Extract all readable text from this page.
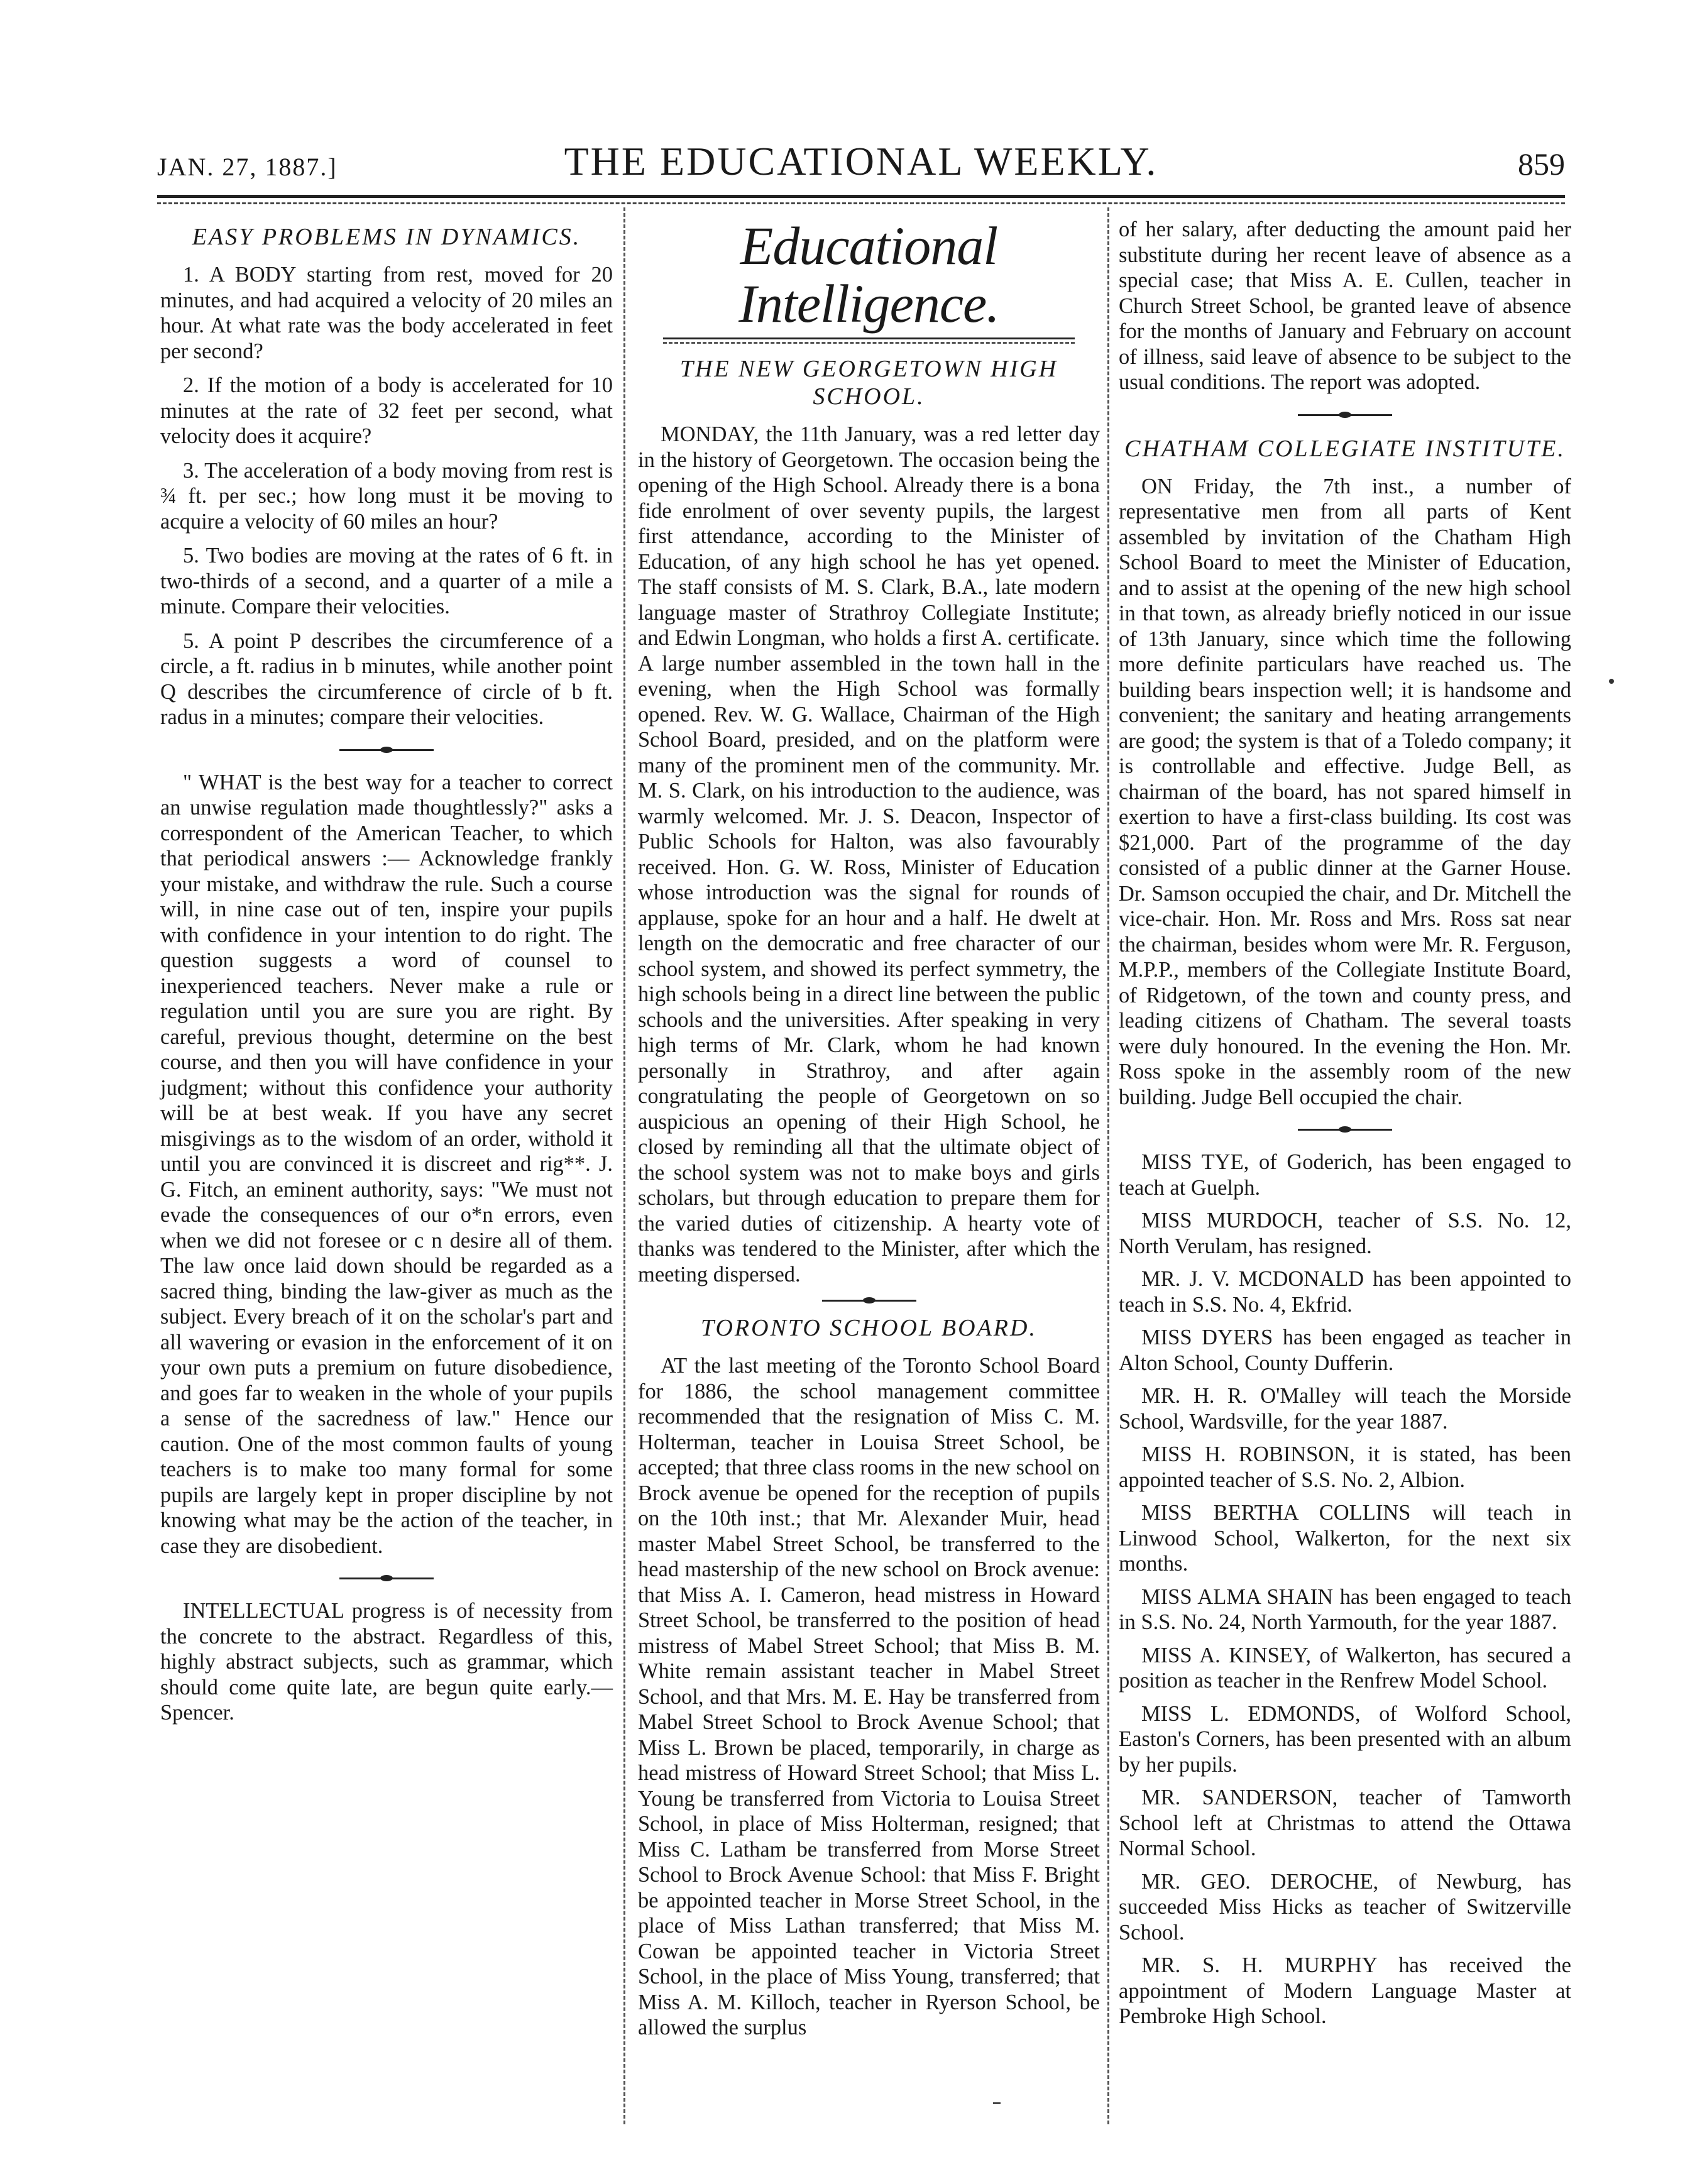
JAN. 27, 1887.]	THE EDUCATIONAL WEEKLY.	859
EASY PROBLEMS IN DYNAMICS.

1. A BODY starting from rest, moved for 20 minutes, and had acquired a velocity of 20 miles an hour. At what rate was the body accelerated in feet per second?

2. If the motion of a body is accelerated for 10 minutes at the rate of 32 feet per second, what velocity does it acquire?

3. The acceleration of a body moving from rest is ¾ ft. per sec.; how long must it be moving to acquire a velocity of 60 miles an hour?

5. Two bodies are moving at the rates of 6 ft. in two-thirds of a second, and a quarter of a mile a minute. Compare their velocities.

5. A point P describes the circumference of a circle, a ft. radius in b minutes, while another point Q describes the circumference of circle of b ft. radus in a minutes; compare their velocities.

" WHAT is the best way for a teacher to correct an unwise regulation made thoughtlessly?" asks a correspondent of the American Teacher, to which that periodical answers :— Acknowledge frankly your mistake, and withdraw the rule. Such a course will, in nine case out of ten, inspire your pupils with confidence in your intention to do right. The question suggests a word of counsel to inexperienced teachers. Never make a rule or regulation until you are sure you are right. By careful, previous thought, determine on the best course, and then you will have confidence in your judgment; without this confidence your authority will be at best weak. If you have any secret misgivings as to the wisdom of an order, withold it until you are convinced it is discreet and rig**. J. G. Fitch, an eminent authority, says: "We must not evade the consequences of our o*n errors, even when we did not foresee or c n desire all of them. The law once laid down should be regarded as a sacred thing, binding the law-giver as much as the subject. Every breach of it on the scholar's part and all wavering or evasion in the enforcement of it on your own puts a premium on future disobedience, and goes far to weaken in the whole of your pupils a sense of the sacredness of law." Hence our caution. One of the most common faults of young teachers is to make too many formal for some pupils are largely kept in proper discipline by not knowing what may be the action of the teacher, in case they are disobedient.

INTELLECTUAL progress is of necessity from the concrete to the abstract. Regardless of this, highly abstract subjects, such as grammar, which should come quite late, are begun quite early.—Spencer.

Educational Intelligence.
THE NEW GEORGETOWN HIGH SCHOOL.

MONDAY, the 11th January, was a red letter day in the history of Georgetown. The occasion being the opening of the High School. Already there is a bona fide enrolment of over seventy pupils, the largest first attendance, according to the Minister of Education, of any high school he has yet opened. The staff consists of M. S. Clark, B.A., late modern language master of Strathroy Collegiate Institute; and Edwin Longman, who holds a first A. certificate. A large number assembled in the town hall in the evening, when the High School was formally opened. Rev. W. G. Wallace, Chairman of the High School Board, presided, and on the platform were many of the prominent men of the community. Mr. M. S. Clark, on his introduction to the audience, was warmly welcomed. Mr. J. S. Deacon, Inspector of Public Schools for Halton, was also favourably received. Hon. G. W. Ross, Minister of Education whose introduction was the signal for rounds of applause, spoke for an hour and a half. He dwelt at length on the democratic and free character of our school system, and showed its perfect symmetry, the high schools being in a direct line between the public schools and the universities. After speaking in very high terms of Mr. Clark, whom he had known personally in Strathroy, and after again congratulating the people of Georgetown on so auspicious an opening of their High School, he closed by reminding all that the ultimate object of the school system was not to make boys and girls scholars, but through education to prepare them for the varied duties of citizenship. A hearty vote of thanks was tendered to the Minister, after which the meeting dispersed.

TORONTO SCHOOL BOARD.

AT the last meeting of the Toronto School Board for 1886, the school management committee recommended that the resignation of Miss C. M. Holterman, teacher in Louisa Street School, be accepted; that three class rooms in the new school on Brock avenue be opened for the reception of pupils on the 10th inst.; that Mr. Alexander Muir, head master Mabel Street School, be transferred to the head mastership of the new school on Brock avenue: that Miss A. I. Cameron, head mistress in Howard Street School, be transferred to the position of head mistress of Mabel Street School; that Miss B. M. White remain assistant teacher in Mabel Street School, and that Mrs. M. E. Hay be transferred from Mabel Street School to Brock Avenue School; that Miss L. Brown be placed, temporarily, in charge as head mistress of Howard Street School; that Miss L. Young be transferred from Victoria to Louisa Street School, in place of Miss Holterman, resigned; that Miss C. Latham be transferred from Morse Street School to Brock Avenue School: that Miss F. Bright be appointed teacher in Morse Street School, in the place of Miss Lathan transferred; that Miss M. Cowan be appointed teacher in Victoria Street School, in the place of Miss Young, transferred; that Miss A. M. Killoch, teacher in Ryerson School, be allowed the surplus

of her salary, after deducting the amount paid her substitute during her recent leave of absence as a special case; that Miss A. E. Cullen, teacher in Church Street School, be granted leave of absence for the months of January and February on account of illness, said leave of absence to be subject to the usual conditions. The report was adopted.

CHATHAM COLLEGIATE INSTITUTE.

ON Friday, the 7th inst., a number of representative men from all parts of Kent assembled by invitation of the Chatham High School Board to meet the Minister of Education, and to assist at the opening of the new high school in that town, as already briefly noticed in our issue of 13th January, since which time the following more definite particulars have reached us. The building bears inspection well; it is handsome and convenient; the sanitary and heating arrangements are good; the system is that of a Toledo company; it is controllable and effective. Judge Bell, as chairman of the board, has not spared himself in exertion to have a first-class building. Its cost was $21,000. Part of the programme of the day consisted of a public dinner at the Garner House. Dr. Samson occupied the chair, and Dr. Mitchell the vice-chair. Hon. Mr. Ross and Mrs. Ross sat near the chairman, besides whom were Mr. R. Ferguson, M.P.P., members of the Collegiate Institute Board, of Ridgetown, of the town and county press, and leading citizens of Chatham. The several toasts were duly honoured. In the evening the Hon. Mr. Ross spoke in the assembly room of the new building. Judge Bell occupied the chair.

MISS TYE, of Goderich, has been engaged to teach at Guelph.

MISS MURDOCH, teacher of S.S. No. 12, North Verulam, has resigned.

MR. J. V. MCDONALD has been appointed to teach in S.S. No. 4, Ekfrid.

MISS DYERS has been engaged as teacher in Alton School, County Dufferin.

MR. H. R. O'Malley will teach the Morside School, Wardsville, for the year 1887.

MISS H. ROBINSON, it is stated, has been appointed teacher of S.S. No. 2, Albion.

MISS BERTHA COLLINS will teach in Linwood School, Walkerton, for the next six months.

MISS ALMA SHAIN has been engaged to teach in S.S. No. 24, North Yarmouth, for the year 1887.

MISS A. KINSEY, of Walkerton, has secured a position as teacher in the Renfrew Model School.

MISS L. EDMONDS, of Wolford School, Easton's Corners, has been presented with an album by her pupils.

MR. SANDERSON, teacher of Tamworth School left at Christmas to attend the Ottawa Normal School.

MR. GEO. DEROCHE, of Newburg, has succeeded Miss Hicks as teacher of Switzerville School.

MR. S. H. MURPHY has received the appointment of Modern Language Master at Pembroke High School.
